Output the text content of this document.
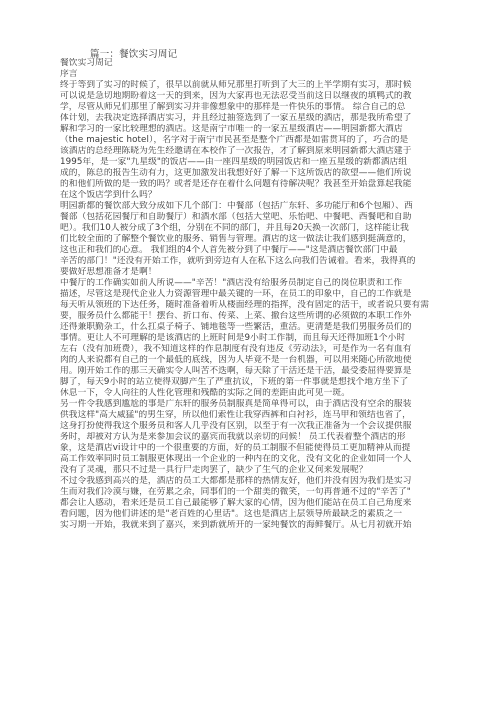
篇一：餐饮实习周记
餐饮实习周记
序言
终于等到了实习的时候了，很早以前就从师兄那里打听到了大三的上半学期有实习，那时候
可以说是急切地期盼着这一天的到来，因为大家再也无法忍受当前这日以继夜的填鸭式的教
学，尽管从师兄们那里了解到实习并非像想象中的那样是一件快乐的事情。 综合自己的总
体计划，去我决定选择酒店实习，并且经过抽签选到了一家五星级的酒店，那是我所希望了
解和学习的一家比较理想的酒店。这是南宁市唯一的一家五星级酒店——明园新都大酒店
（the majestic hotel），名字对于南宁市民甚至是整个广西都是如雷贯耳的了，巧合的是
该酒店的总经理陈晓为先生经邀请在本校作了一次报告，才了解到原来明园新都大酒店建于
1995年，是一家"九星级"的饭店——由一座四星级的明园饭店和一座五星级的新都酒店组
成的，陈总的报告生动有力，这更加激发出我想好好了解一下这所饭店的欲望——他们所说
的和他们所做的是一致的吗？或者是还存在着什么问题有待解决呢？我甚至开始盘算起我能
在这个饭店学到什么吗？
明园新都的餐饮部大致分成如下几个部门：中餐部（包括广东轩、多功能厅和6个包厢）、西
餐部（包括花园餐厅和自助餐厅）和酒水部（包括大堂吧、乐怡吧、中餐吧、西餐吧和自助
吧）。我们10人被分成了3个组，分别在不同的部门，并且每20天换一次部门，这样能让我
们比较全面的了解整个餐饮业的服务、销售与管理。酒店的这一做法让我们感到挺满意的，
这也正和我们的心意。 我们组的4个人首先被分到了中餐厅——"这是酒店餐饮部门中最
辛苦的部门！"还没有开始工作，就听到旁边有人在私下这么向我们告诫着。看来，我得真的
要做好思想准备才是啊！
中餐厅的工作确实如前人所说——"辛苦！"酒店没有给服务员制定自己的岗位职责和工作
描述，尽管这是现代企业人力资源管理中最关键的一环，在员工的印象中，自己的工作就是
每天听从领班的下达任务，随时准备着听从楼面经理的指挥，没有固定的活干，或者说只要有需
要，服务员什么都能干！摆台、折口布、传菜、上菜、撤台这些所谓的必须做的本职工作外
还得兼职勤杂工，什么扛桌子椅子、铺地毯等一些繁活，重活。更清楚是我们男服务员们的
事情。更让人不可理解的是该酒店的上班时间是9小时工作制，而且每天还得加班1个小时
左右（没有加班费），我不知道这样的作息制度有没有违反《劳动法》，可是作为一名有血有
肉的人来说都有自己的一个最低的底线，因为人毕竟不是一台机器，可以用来随心所欲地使
用。刚开始工作的那三天确实令人叫苦不迭啊，每天除了干活还是干活，最受委屈得要算是
脚了，每天9小时的站立使得双脚产生了严重抗议，下班的第一件事就是想找个地方坐下了
休息一下，令人向往的人性化管理和残酷的实际之间的差距由此可见一斑。
另一件令我感到尴尬的事是广东轩的服务员制服真是简单得可以，由于酒店没有空余的服装
供我这样"高大威猛"的男生穿，所以他们索性让我穿西裤和白衬衫，连马甲和领结也省了，
这身打扮使得我这个服务员和客人几乎没有区别，以至于有一次我正准备为一个会议提供服
务时，却被对方认为是来参加会议的嘉宾而我就以亲切的问候！ 员工代表着整个酒店的形
象，这是酒店vi设计中的一个很重要的方面，好的员工制服不但能使得员工更加精神从而提
高工作效率同时员工制服更体现出一个企业的一种内在的文化，没有文化的企业如同一个人
没有了灵魂，那只不过是一具行尸走肉罢了，缺少了生气的企业又何来发展呢？
不过令我感到高兴的是，酒店的员工大都都是那样的热情友好，他们并没有因为我们是实习
生而对我们冷漠与嫌，在劳累之余，同事们的一个甜美的微笑，一句再普通不过的"辛苦了"
都会让人感动，看来还是员工自己最能够了解大家的心情，因为他们能站在员工自己角度来
看问题，因为他们讲述的是"老百姓的心里话"。这也是酒店上层领导所最缺乏的素质之一
实习期一开始，我就来到了嘉兴，来到新就所开的一家纯餐饮的海鲜餐厅。从七月初就开始
